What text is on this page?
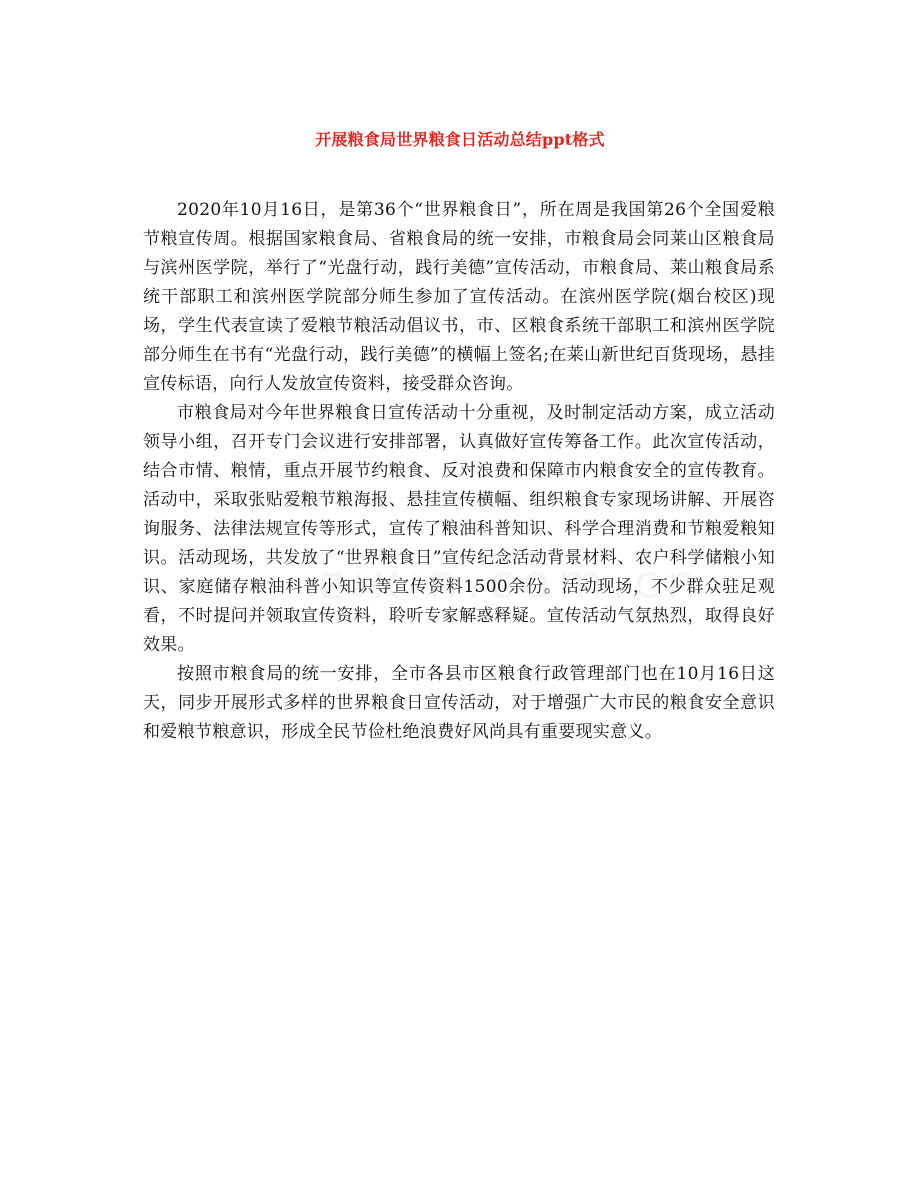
开展粮食局世界粮食日活动总结ppt格式

2020年10月16日，是第36个“世界粮食日”，所在周是我国第26个全国爱粮节粮宣传周。根据国家粮食局、省粮食局的统一安排，市粮食局会同莱山区粮食局与滨州医学院，举行了“光盘行动，践行美德”宣传活动，市粮食局、莱山粮食局系统干部职工和滨州医学院部分师生参加了宣传活动。在滨州医学院(烟台校区)现场，学生代表宣读了爱粮节粮活动倡议书，市、区粮食系统干部职工和滨州医学院部分师生在书有“光盘行动，践行美德”的横幅上签名;在莱山新世纪百货现场，悬挂宣传标语，向行人发放宣传资料，接受群众咨询。

市粮食局对今年世界粮食日宣传活动十分重视，及时制定活动方案，成立活动领导小组，召开专门会议进行安排部署，认真做好宣传筹备工作。此次宣传活动，结合市情、粮情，重点开展节约粮食、反对浪费和保障市内粮食安全的宣传教育。活动中，采取张贴爱粮节粮海报、悬挂宣传横幅、组织粮食专家现场讲解、开展咨询服务、法律法规宣传等形式，宣传了粮油科普知识、科学合理消费和节粮爱粮知识。活动现场，共发放了“世界粮食日”宣传纪念活动背景材料、农户科学储粮小知识、家庭储存粮油科普小知识等宣传资料1500余份。活动现场，不少群众驻足观看，不时提问并领取宣传资料，聆听专家解惑释疑。宣传活动气氛热烈，取得良好效果。

按照市粮食局的统一安排，全市各县市区粮食行政管理部门也在10月16日这天，同步开展形式多样的世界粮食日宣传活动，对于增强广大市民的粮食安全意识和爱粮节粮意识，形成全民节俭杜绝浪费好风尚具有重要现实意义。
